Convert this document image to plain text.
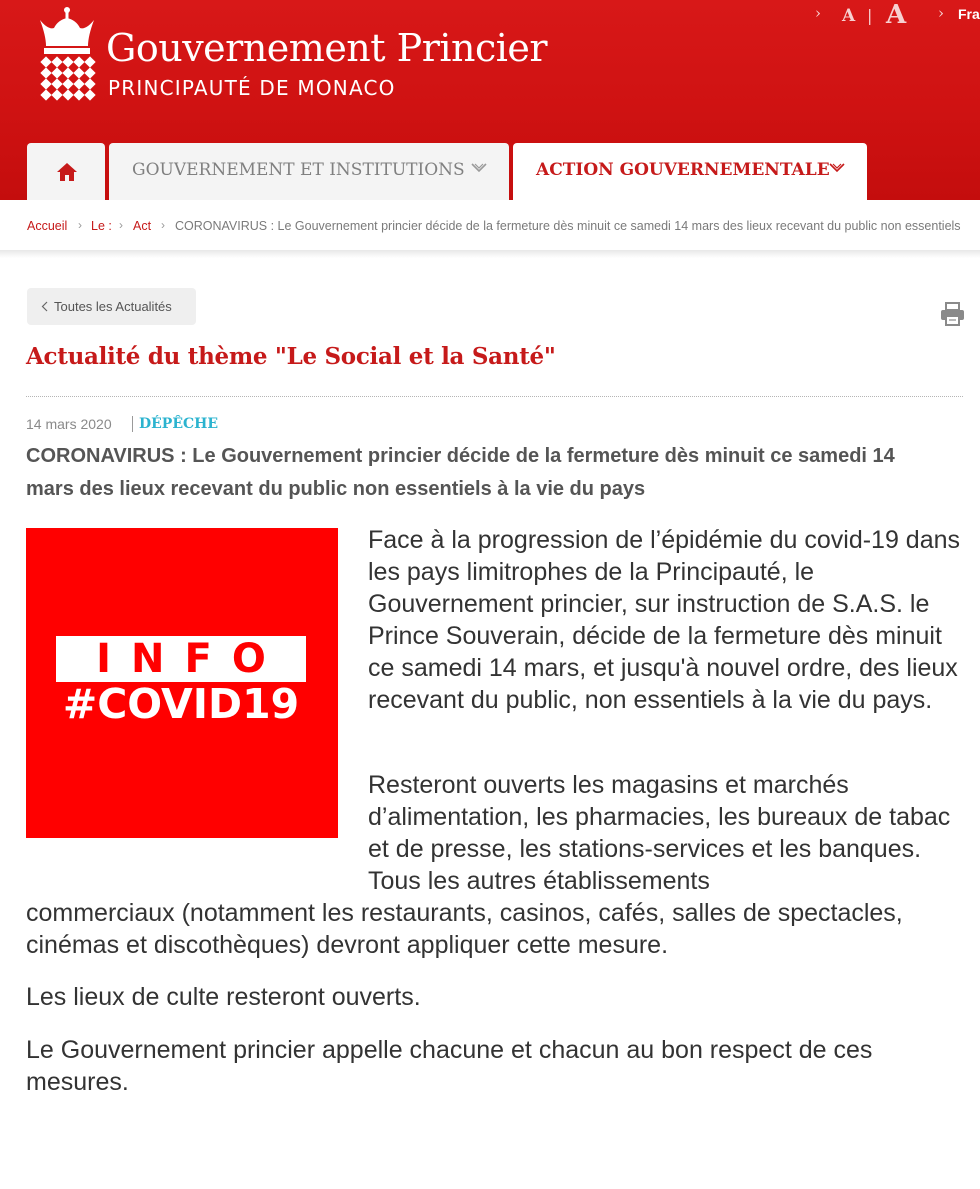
Gouvernement Princier
PRINCIPAUTÉ DE MONACO
› A | A › Fra
GOUVERNEMENT ET INSTITUTIONS	ACTION GOUVERNEMENTALE
Accueil › Le : › Act › CORONAVIRUS : Le Gouvernement princier décide de la fermeture dès minuit ce samedi 14 mars des lieux recevant du public non essentiels
Toutes les Actualités
Actualité du thème "Le Social et la Santé"
14 mars 2020	DÉPÊCHE
CORONAVIRUS : Le Gouvernement princier décide de la fermeture dès minuit ce samedi 14 mars des lieux recevant du public non essentiels à la vie du pays
INFO
#COVID19

Face à la progression de l’épidémie du covid-19 dans les pays limitrophes de la Principauté, le Gouvernement princier, sur instruction de S.A.S. le Prince Souverain, décide de la fermeture dès minuit ce samedi 14 mars, et jusqu'à nouvel ordre, des lieux recevant du public, non essentiels à la vie du pays.

Resteront ouverts les magasins et marchés d’alimentation, les pharmacies, les bureaux de tabac et de presse, les stations-services et les banques. Tous les autres établissements

commerciaux (notamment les restaurants, casinos, cafés, salles de spectacles, cinémas et discothèques) devront appliquer cette mesure.

Les lieux de culte resteront ouverts.

Le Gouvernement princier appelle chacune et chacun au bon respect de ces mesures.
